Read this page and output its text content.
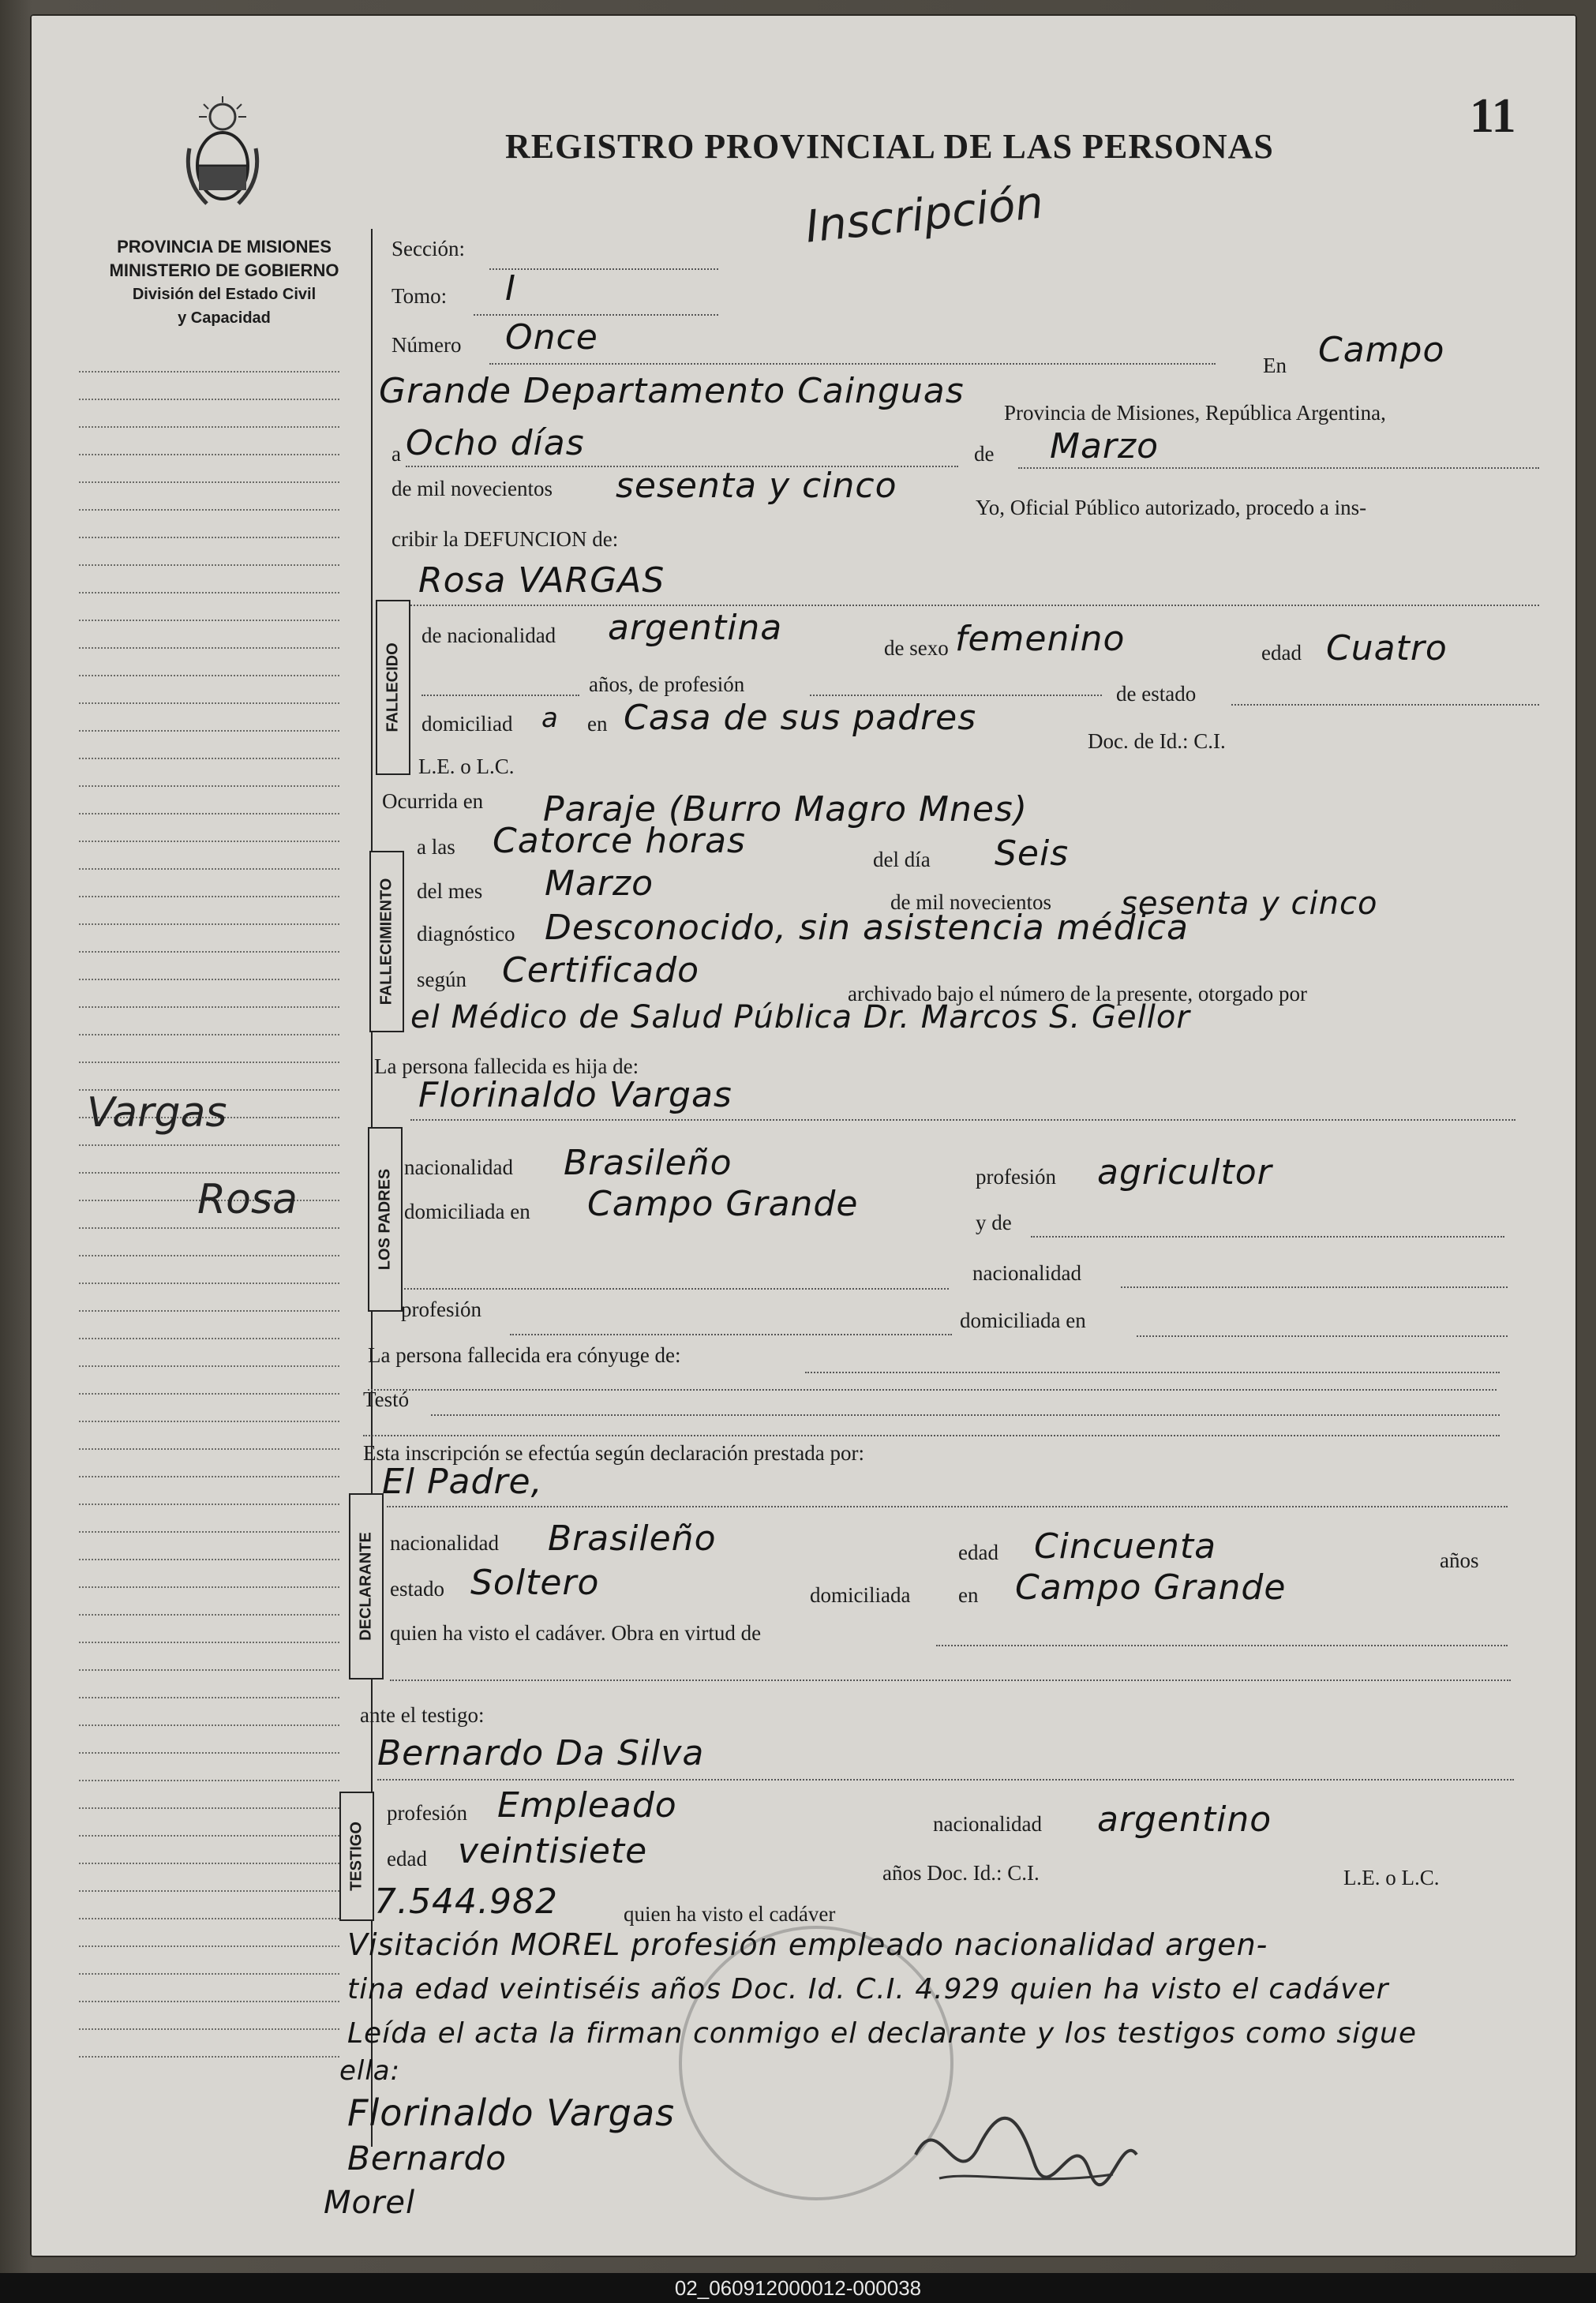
11
REGISTRO PROVINCIAL DE LAS PERSONAS
Inscripción
PROVINCIA DE MISIONES
MINISTERIO DE GOBIERNO
División del Estado Civil
y Capacidad
Vargas
Rosa
Sección:
Tomo: I
Número Once
En Campo
Grande Departamento Cainguas
Provincia de Misiones, República Argentina,
a Ocho días	de Marzo
de mil novecientos sesenta y cinco
Yo, Oficial Público autorizado, procedo a ins-
cribir la DEFUNCION de:
FALLECIDO
Rosa VARGAS
de nacionalidad argentina	de sexo femenino	edad Cuatro
años, de profesión	de estado
domiciliad a en Casa de sus padres
Doc. de Id.: C.I.
L.E. o L.C.
Ocurrida en Paraje (Burro Magro Mnes)
FALLECIMIENTO
a las Catorce horas	del día Seis
del mes Marzo	de mil novecientos sesenta y cinco
diagnóstico Desconocido, sin asistencia médica
según Certificado
archivado bajo el número de la presente, otorgado por
el Médico de Salud Pública Dr. Marcos S. Gellor
La persona fallecida es hija de:
LOS PADRES
Florinaldo Vargas
nacionalidad Brasileño	profesión agricultor
domiciliada en Campo Grande	y de
nacionalidad
profesión	domiciliada en
La persona fallecida era cónyuge de:
Testó
Esta inscripción se efectúa según declaración prestada por:
DECLARANTE
El Padre,
nacionalidad Brasileño	edad Cincuenta	años
estado Soltero	domiciliada en Campo Grande
quien ha visto el cadáver. Obra en virtud de
ante el testigo:
Bernardo Da Silva
TESTIGO
profesión Empleado	nacionalidad argentino
edad veintisiete
años Doc. Id.: C.I.	L.E. o L.C.
7.544.982	quien ha visto el cadáver
Visitación MOREL profesión empleado nacionalidad argen-
tina edad veintiséis años Doc. Id. C.I. 4.929 quien ha visto el cadáver
Leída el acta la firman conmigo el declarante y los testigos como sigue
ella:
Florinaldo Vargas
Bernardo
Morel
02_060912000012-000038
